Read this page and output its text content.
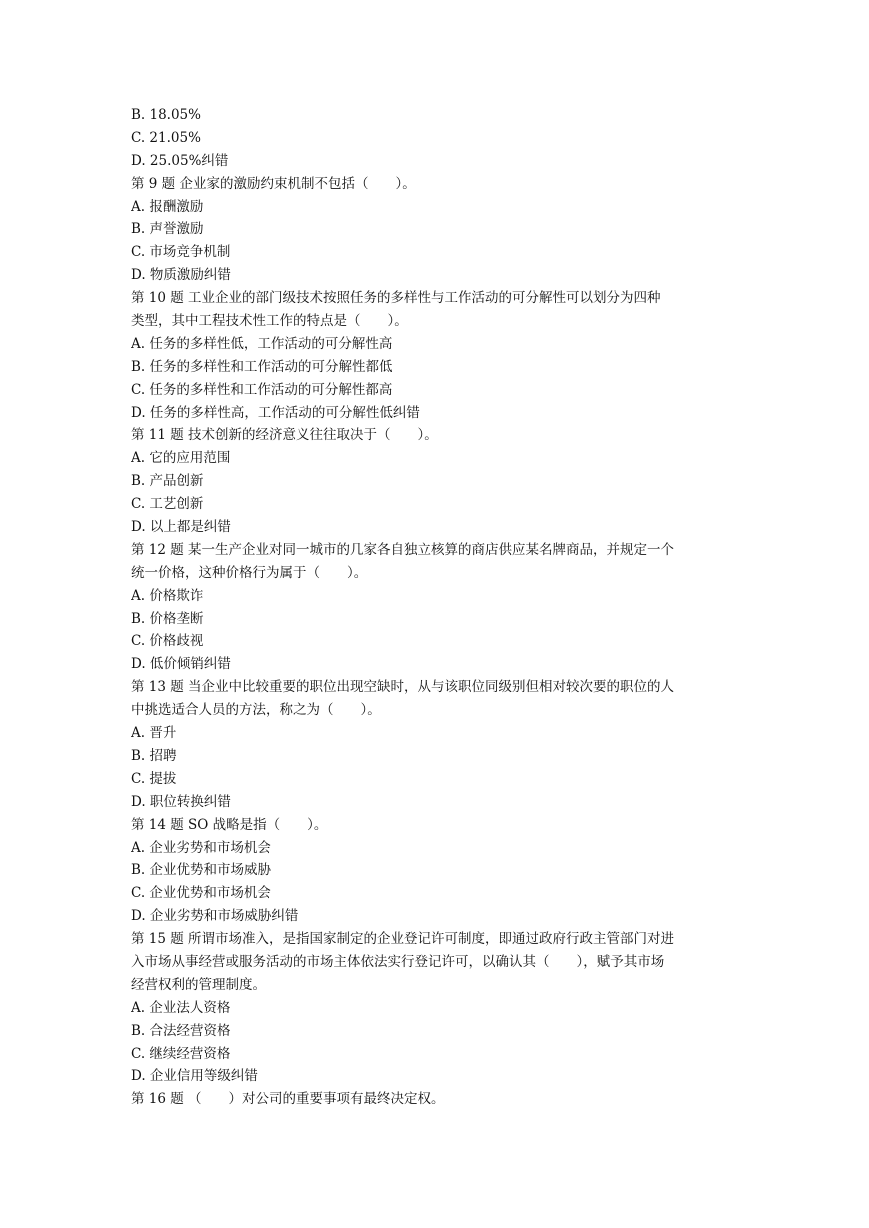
B. 18.05%
C. 21.05%
D. 25.05%纠错
第 9 题 企业家的激励约束机制不包括（　　）。
A. 报酬激励
B. 声誉激励
C. 市场竞争机制
D. 物质激励纠错
第 10 题 工业企业的部门级技术按照任务的多样性与工作活动的可分解性可以划分为四种
类型，其中工程技术性工作的特点是（　　）。
A. 任务的多样性低，工作活动的可分解性高
B. 任务的多样性和工作活动的可分解性都低
C. 任务的多样性和工作活动的可分解性都高
D. 任务的多样性高，工作活动的可分解性低纠错
第 11 题 技术创新的经济意义往往取决于（　　）。
A. 它的应用范围
B. 产品创新
C. 工艺创新
D. 以上都是纠错
第 12 题 某一生产企业对同一城市的几家各自独立核算的商店供应某名牌商品，并规定一个
统一价格，这种价格行为属于（　　）。
A. 价格欺诈
B. 价格垄断
C. 价格歧视
D. 低价倾销纠错
第 13 题 当企业中比较重要的职位出现空缺时，从与该职位同级别但相对较次要的职位的人
中挑选适合人员的方法，称之为（　　）。
A. 晋升
B. 招聘
C. 提拔
D. 职位转换纠错
第 14 题 SO 战略是指（　　）。
A. 企业劣势和市场机会
B. 企业优势和市场威胁
C. 企业优势和市场机会
D. 企业劣势和市场威胁纠错
第 15 题 所谓市场准入，是指国家制定的企业登记许可制度，即通过政府行政主管部门对进
入市场从事经营或服务活动的市场主体依法实行登记许可，以确认其（　　），赋予其市场
经营权利的管理制度。
A. 企业法人资格
B. 合法经营资格
C. 继续经营资格
D. 企业信用等级纠错
第 16 题 （　　）对公司的重要事项有最终决定权。
